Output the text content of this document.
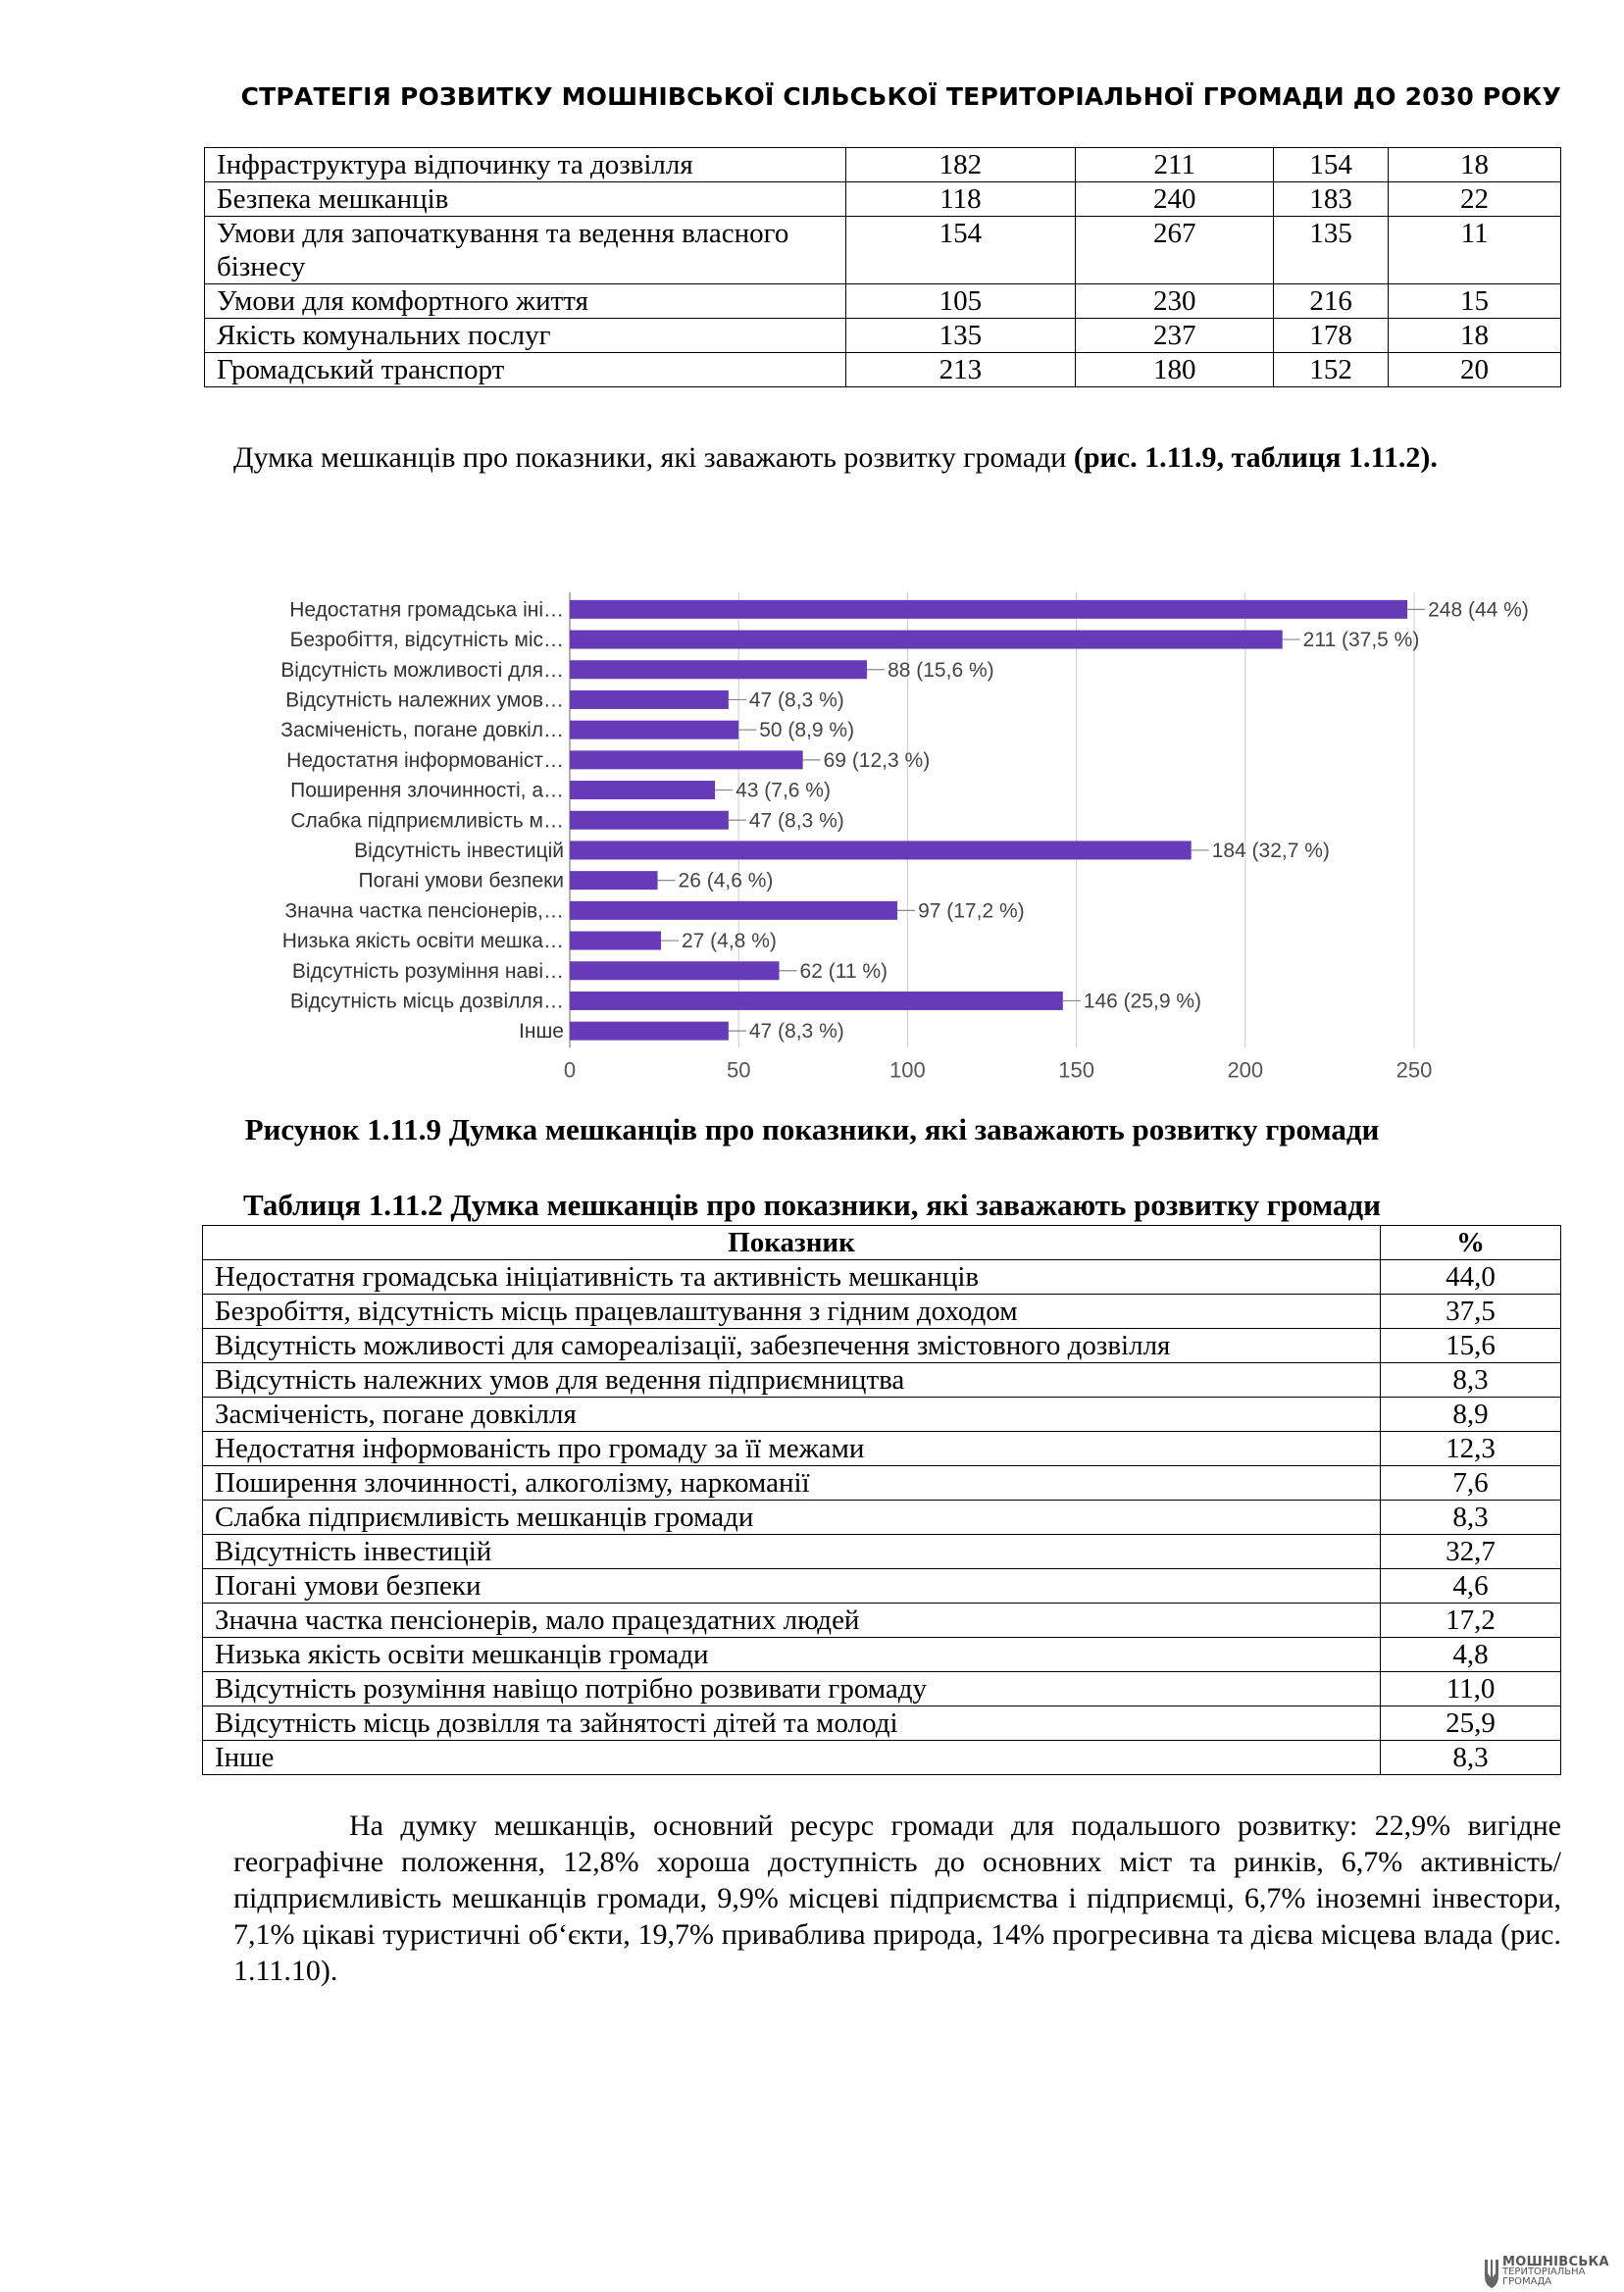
СТРАТЕГІЯ РОЗВИТКУ МОШНІВСЬКОЇ СІЛЬСЬКОЇ ТЕРИТОРІАЛЬНОЇ ГРОМАДИ ДО 2030 РОКУ
Інфраструктура відпочинку та дозвілля	182	211	154	18
Безпека мешканців	118	240	183	22
Умови для започаткування та ведення власного бізнесу	154	267	135	11
Умови для комфортного життя	105	230	216	15
Якість комунальних послуг	135	237	178	18
Громадський транспорт	213	180	152	20
Думка мешканців про показники, які заважають розвитку громади (рис. 1.11.9, таблиця 1.11.2).
0	50	100	150	200	250
Недостатня громадська іні…	248 (44 %)
Безробіття, відсутність міс…	211 (37,5 %)
Відсутність можливості для…	88 (15,6 %)
Відсутність належних умов…	47 (8,3 %)
Засміченість, погане довкіл…	50 (8,9 %)
Недостатня інформованіст…	69 (12,3 %)
Поширення злочинності, а…	43 (7,6 %)
Слабка підприємливість м…	47 (8,3 %)
Відсутність інвестицій	184 (32,7 %)
Погані умови безпеки	26 (4,6 %)
Значна частка пенсіонерів,…	97 (17,2 %)
Низька якість освіти мешка…	27 (4,8 %)
Відсутність розуміння наві…	62 (11 %)
Відсутність місць дозвілля…	146 (25,9 %)
Інше	47 (8,3 %)
Рисунок 1.11.9 Думка мешканців про показники, які заважають розвитку громади
Таблиця 1.11.2 Думка мешканців про показники, які заважають розвитку громади
Показник	%
Недостатня громадська ініціативність та активність мешканців	44,0
Безробіття, відсутність місць працевлаштування з гідним доходом	37,5
Відсутність можливості для самореалізації, забезпечення змістовного дозвілля	15,6
Відсутність належних умов для ведення підприємництва	8,3
Засміченість, погане довкілля	8,9
Недостатня інформованість про громаду за її межами	12,3
Поширення злочинності, алкоголізму, наркоманії	7,6
Слабка підприємливість мешканців громади	8,3
Відсутність інвестицій	32,7
Погані умови безпеки	4,6
Значна частка пенсіонерів, мало працездатних людей	17,2
Низька якість освіти мешканців громади	4,8
Відсутність розуміння навіщо потрібно розвивати громаду	11,0
Відсутність місць дозвілля та зайнятості дітей та молоді	25,9
Інше	8,3
На думку мешканців, основний ресурс громади для подальшого розвитку: 22,9% вигідне географічне положення, 12,8% хороша доступність до основних міст та ринків, 6,7% активність/підприємливість мешканців громади, 9,9% місцеві підприємства і підприємці, 6,7% іноземні інвестори, 7,1% цікаві туристичні об‘єкти, 19,7% приваблива природа, 14% прогресивна та дієва місцева влада (рис. 1.11.10).
МОШНІВСЬКА
ТЕРИТОРІАЛЬНА
ГРОМАДА
